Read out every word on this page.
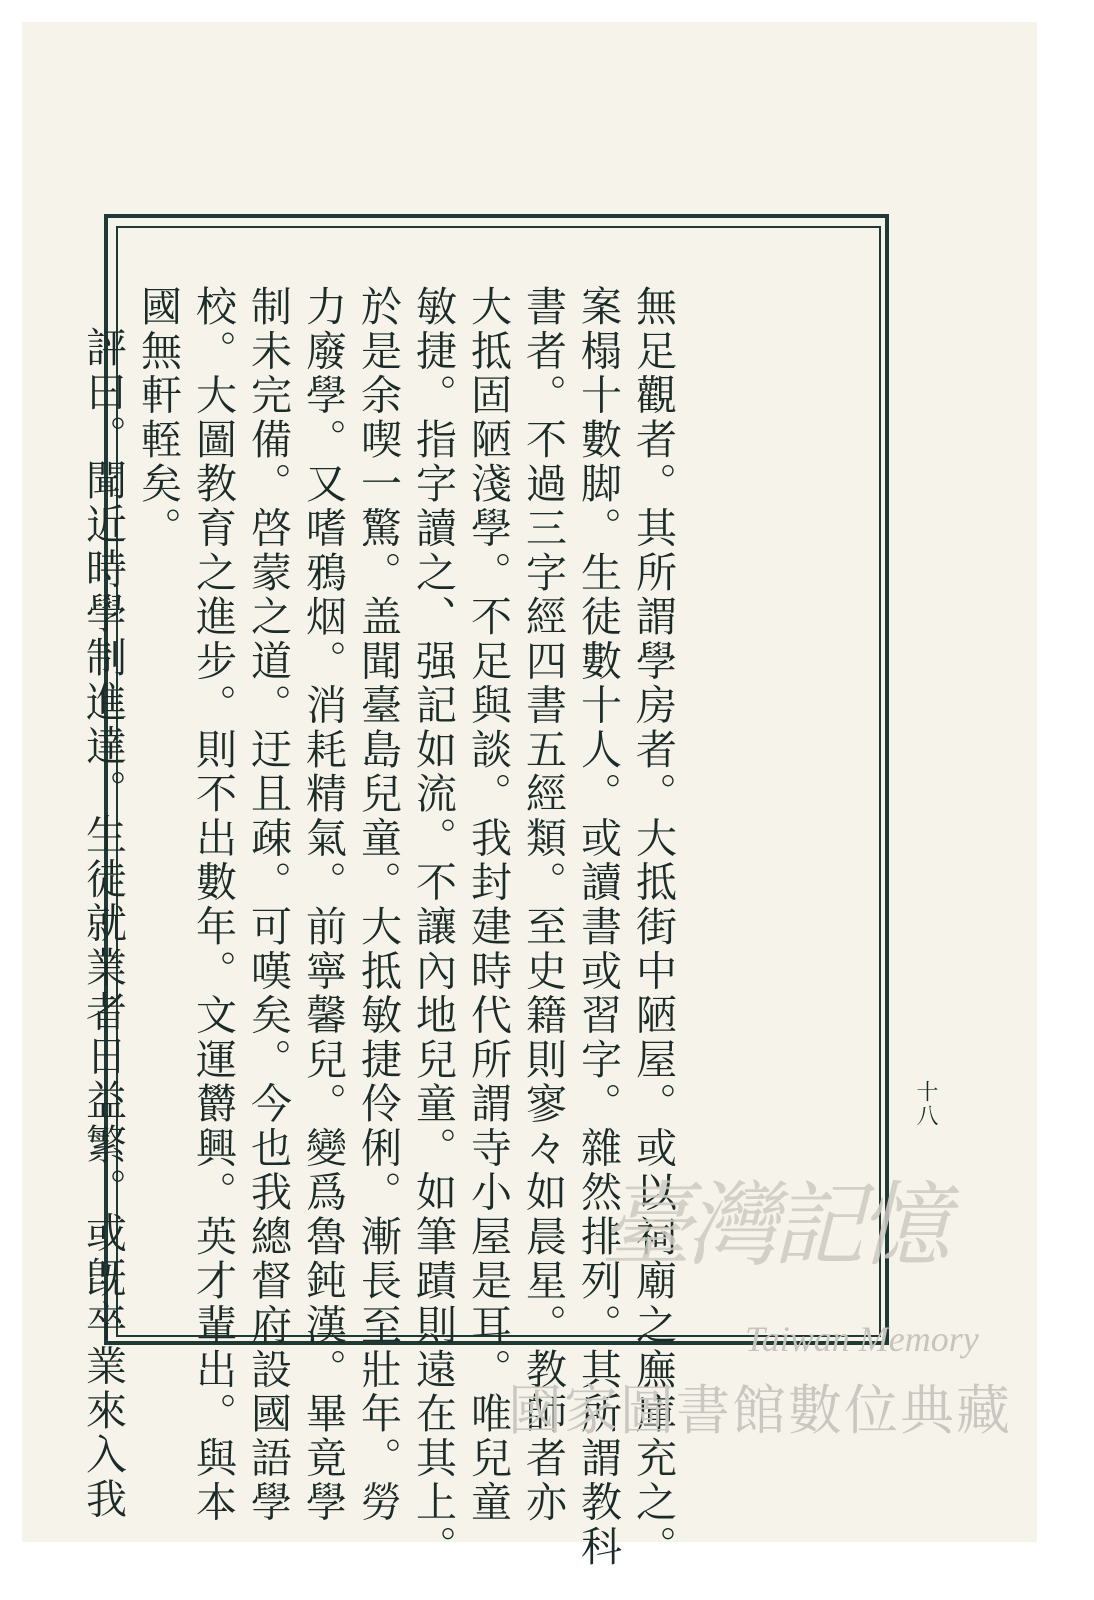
無足觀者。其所謂學房者。大抵街中陋屋。或以祠廟之廡庫充之。
案榻十數脚。生徒數十人。或讀書或習字。雜然排列。其所謂教科
書者。不過三字經四書五經類。至史籍則寥々如晨星。教師者亦
大抵固陋淺學。不足與談。我封建時代所謂寺小屋是耳。唯兒童
敏捷。指字讀之、强記如流。不讓內地兒童。如筆蹟則遠在其上。
於是余喫一驚。盖聞臺島兒童。大抵敏捷伶俐。漸長至壯年。勞
力廢學。又嗜鴉烟。消耗精氣。前寧馨兒。變爲魯鈍漢。畢竟學
制未完備。啓蒙之道。迂且疎。可嘆矣。今也我總督府設國語學
校。大圖教育之進步。則不出數年。文運欝興。英才輩出。與本
國無軒輊矣。
評曰。聞近時學制進達。生徒就業者日益繁。或旣卒業來入我	十八
臺灣記憶
Taiwan Memory
國家圖書館數位典藏
